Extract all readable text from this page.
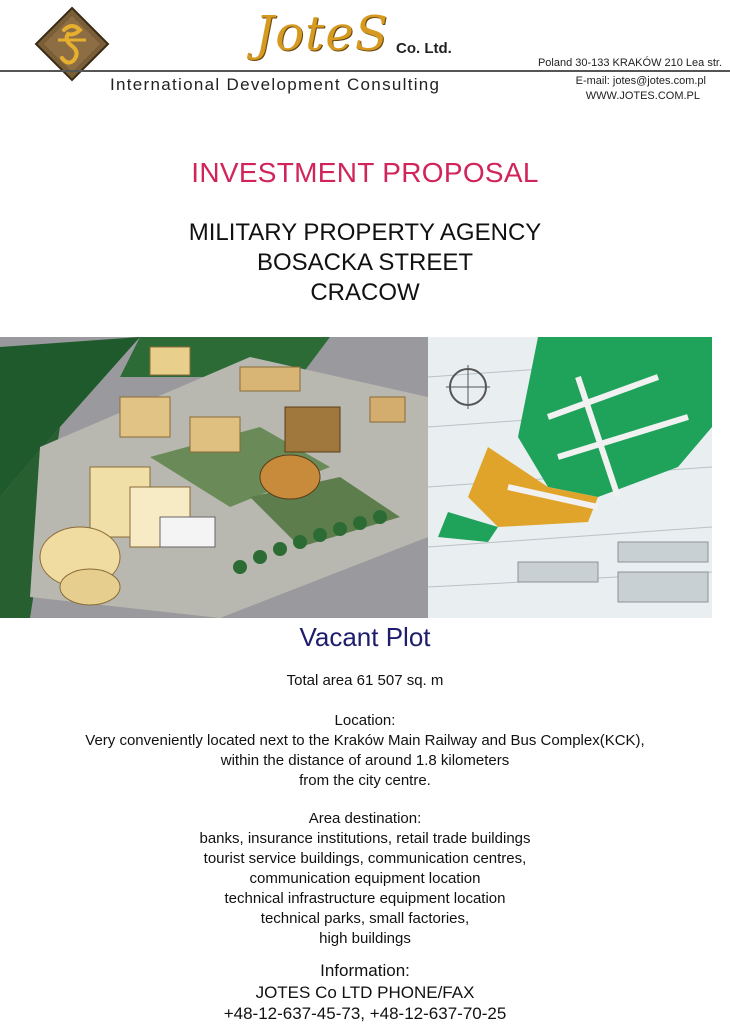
JoteS Co. Ltd.
Poland 30-133 KRAKÓW 210 Lea str.
International Development Consulting	E-mail: jotes@jotes.com.pl
WWW.JOTES.COM.PL
INVESTMENT PROPOSAL
MILITARY PROPERTY AGENCY
BOSACKA STREET
CRACOW
Vacant Plot
Total area 61 507 sq. m
Location:
Very conveniently located next to the Kraków Main Railway and Bus Complex(KCK),
within the distance of around 1.8 kilometers
from the city centre.
Area destination:
banks, insurance institutions, retail trade buildings
tourist service buildings, communication centres,
communication equipment location
technical infrastructure equipment location
technical parks, small factories,
high buildings
Information:
JOTES Co LTD PHONE/FAX
+48-12-637-45-73, +48-12-637-70-25
